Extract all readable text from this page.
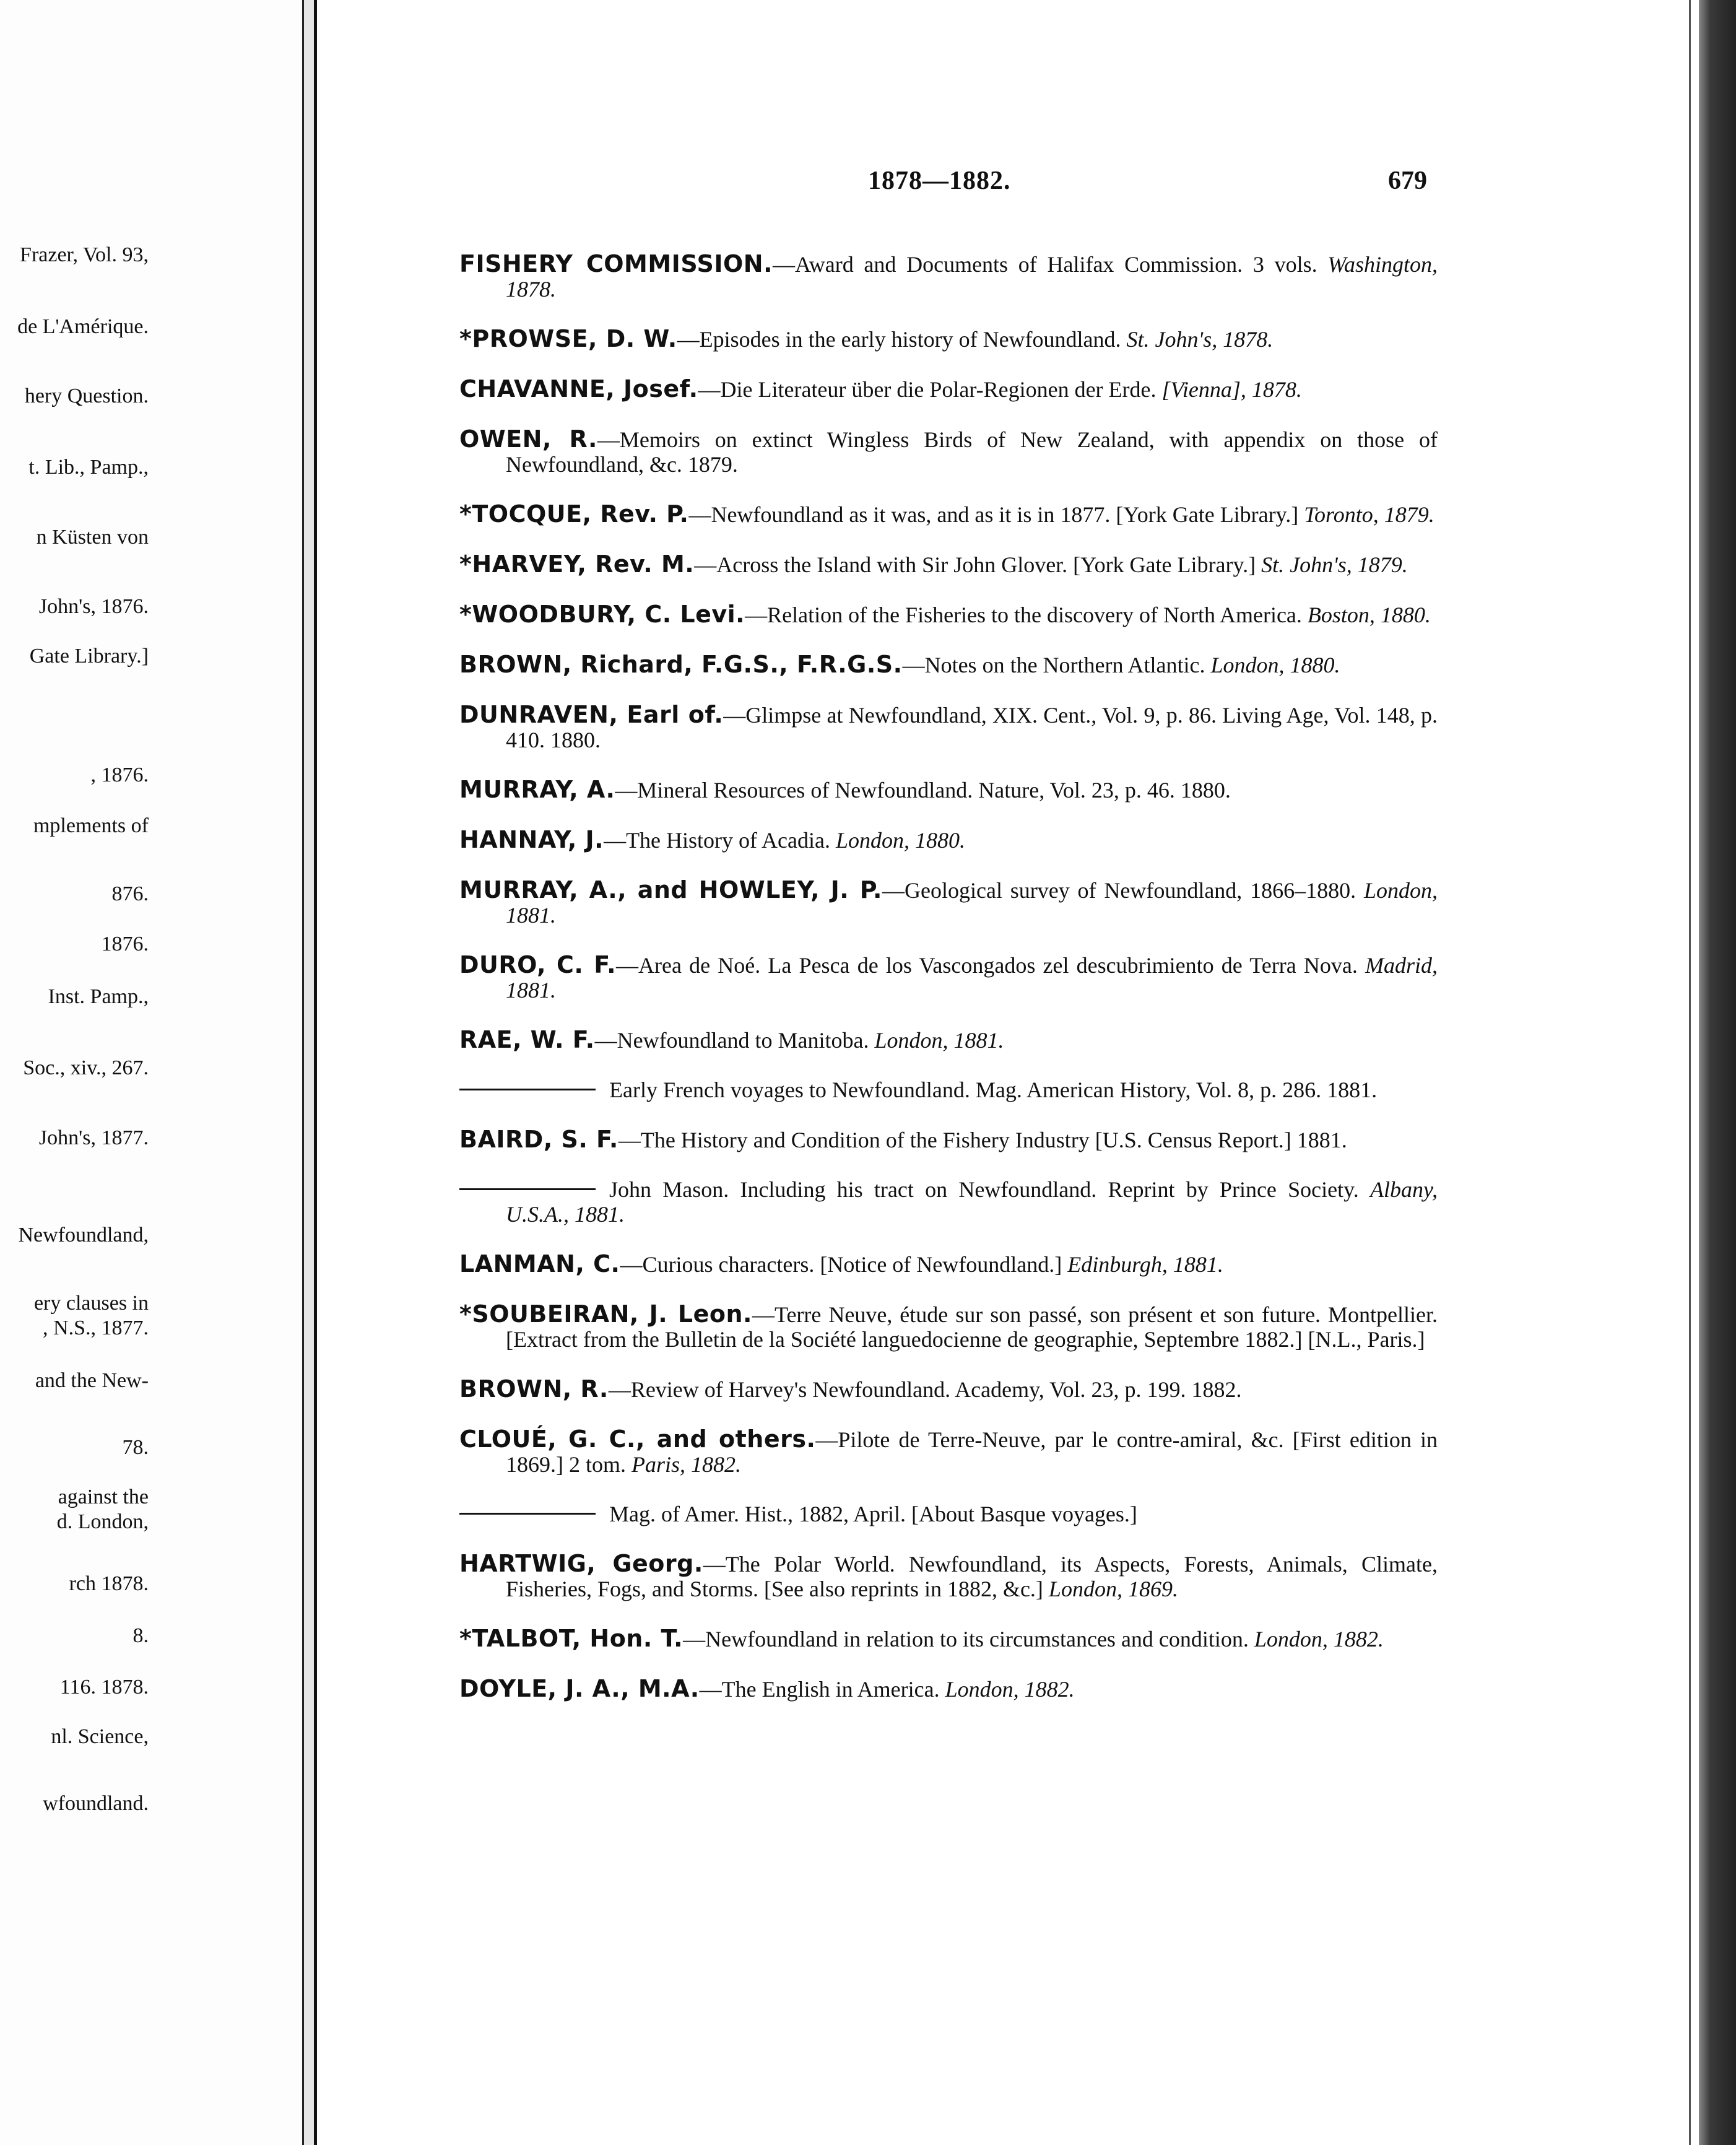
Frazer, Vol. 93,
de L'Amérique.
hery Question.
t. Lib., Pamp.,
n Küsten von
John's, 1876.
Gate Library.]
, 1876.
mplements of
876.
1876.
Inst. Pamp.,
Soc., xiv., 267.
John's, 1877.
Newfoundland,
ery clauses in
, N.S., 1877.
and the New-
78.
against the
d. London,
rch 1878.
8.
116. 1878.
nl. Science,
wfoundland.
1878—1882.	679

FISHERY COMMISSION.—Award and Documents of Halifax Commission. 3 vols. Washington, 1878.

*PROWSE, D. W.—Episodes in the early history of Newfoundland. St. John's, 1878.

CHAVANNE, Josef.—Die Literateur über die Polar-Regionen der Erde. [Vienna], 1878.

OWEN, R.—Memoirs on extinct Wingless Birds of New Zealand, with appendix on those of Newfoundland, &c. 1879.

*TOCQUE, Rev. P.—Newfoundland as it was, and as it is in 1877. [York Gate Library.] Toronto, 1879.

*HARVEY, Rev. M.—Across the Island with Sir John Glover. [York Gate Library.] St. John's, 1879.

*WOODBURY, C. Levi.—Relation of the Fisheries to the discovery of North America. Boston, 1880.

BROWN, Richard, F.G.S., F.R.G.S.—Notes on the Northern Atlantic. London, 1880.

DUNRAVEN, Earl of.—Glimpse at Newfoundland, XIX. Cent., Vol. 9, p. 86. Living Age, Vol. 148, p. 410. 1880.

MURRAY, A.—Mineral Resources of Newfoundland. Nature, Vol. 23, p. 46. 1880.

HANNAY, J.—The History of Acadia. London, 1880.

MURRAY, A., and HOWLEY, J. P.—Geological survey of Newfoundland, 1866–1880. London, 1881.

DURO, C. F.—Area de Noé. La Pesca de los Vascongados zel descubrimiento de Terra Nova. Madrid, 1881.

RAE, W. F.—Newfoundland to Manitoba. London, 1881.

Early French voyages to Newfoundland. Mag. American History, Vol. 8, p. 286. 1881.

BAIRD, S. F.—The History and Condition of the Fishery Industry [U.S. Census Report.] 1881.

John Mason. Including his tract on Newfoundland. Reprint by Prince Society. Albany, U.S.A., 1881.

LANMAN, C.—Curious characters. [Notice of Newfoundland.] Edinburgh, 1881.

*SOUBEIRAN, J. Leon.—Terre Neuve, étude sur son passé, son présent et son future. Montpellier. [Extract from the Bulletin de la Société languedocienne de geographie, Septembre 1882.] [N.L., Paris.]

BROWN, R.—Review of Harvey's Newfoundland. Academy, Vol. 23, p. 199. 1882.

CLOUÉ, G. C., and others.—Pilote de Terre-Neuve, par le contre-amiral, &c. [First edition in 1869.] 2 tom. Paris, 1882.

Mag. of Amer. Hist., 1882, April. [About Basque voyages.]

HARTWIG, Georg.—The Polar World. Newfoundland, its Aspects, Forests, Animals, Climate, Fisheries, Fogs, and Storms. [See also reprints in 1882, &c.] London, 1869.

*TALBOT, Hon. T.—Newfoundland in relation to its circumstances and condition. London, 1882.

DOYLE, J. A., M.A.—The English in America. London, 1882.
